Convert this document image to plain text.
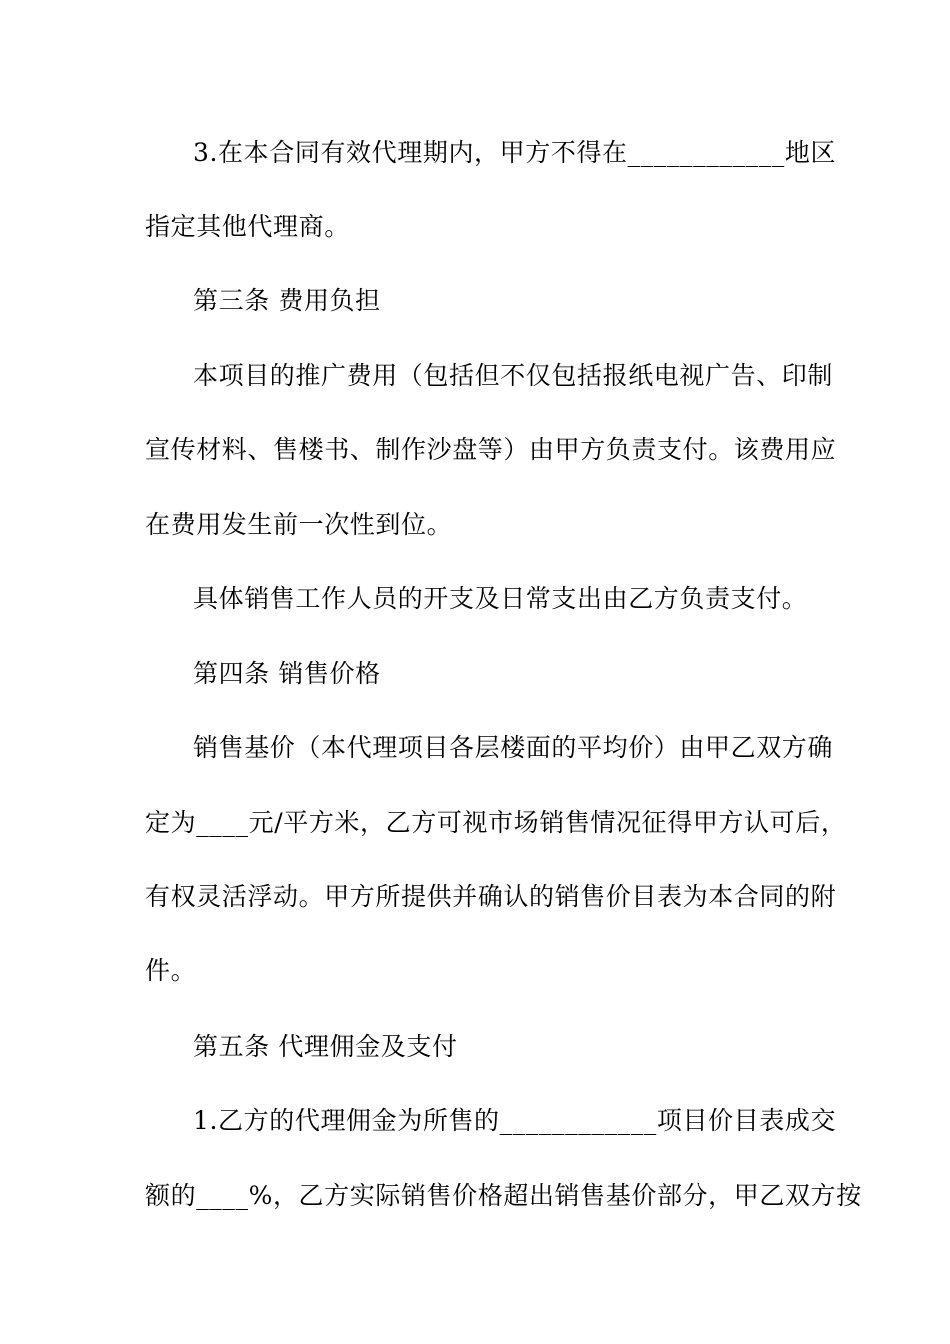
3.在本合同有效代理期内，甲方不得在____________地区
指定其他代理商。
第三条 费用负担
本项目的推广费用（包括但不仅包括报纸电视广告、印制
宣传材料、售楼书、制作沙盘等）由甲方负责支付。该费用应
在费用发生前一次性到位。
具体销售工作人员的开支及日常支出由乙方负责支付。
第四条 销售价格
销售基价（本代理项目各层楼面的平均价）由甲乙双方确
定为____元/平方米，乙方可视市场销售情况征得甲方认可后，
有权灵活浮动。甲方所提供并确认的销售价目表为本合同的附
件。
第五条 代理佣金及支付
1.乙方的代理佣金为所售的____________项目价目表成交
额的____%，乙方实际销售价格超出销售基价部分，甲乙双方按
